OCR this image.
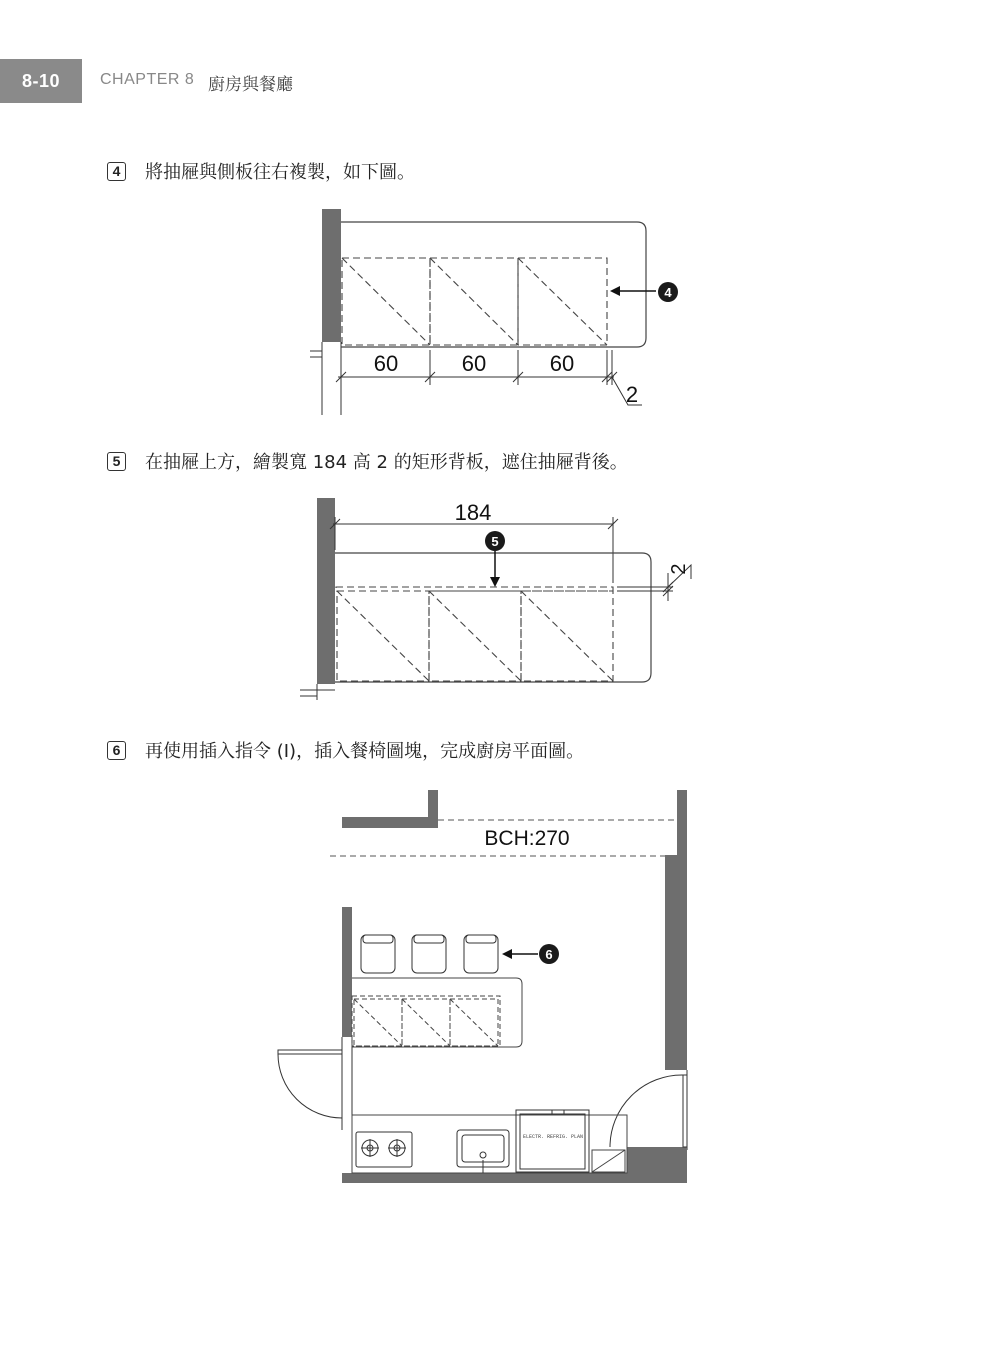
8-10 CHAPTER 8 廚房與餐廳
4	將抽屜與側板往右複製，如下圖。
4
60	60	60
2
5	在抽屜上方，繪製寬 184 高 2 的矩形背板，遮住抽屜背後。
184
5
2
6	再使用插入指令 (I)，插入餐椅圖塊，完成廚房平面圖。
BCH:270
ELECTR. REFRIG. PLAN
6
